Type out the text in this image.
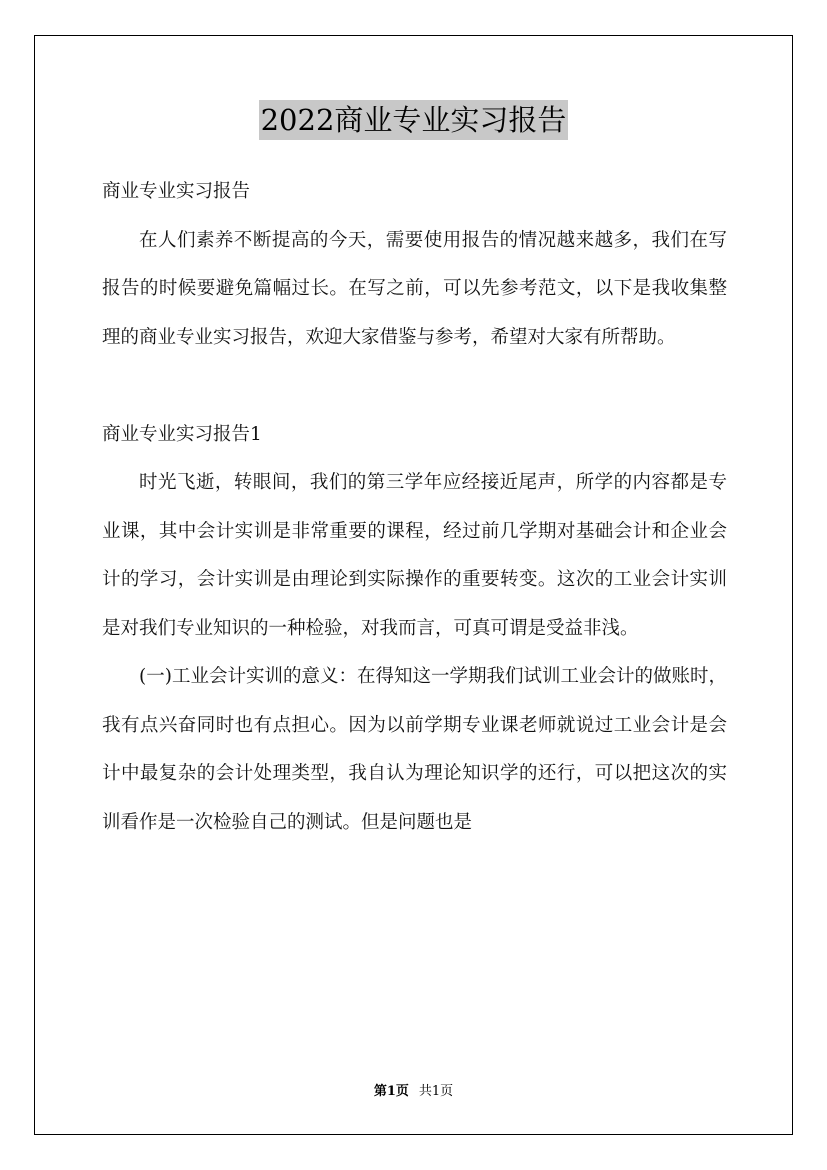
2022商业专业实习报告

商业专业实习报告

在人们素养不断提高的今天，需要使用报告的情况越来越多，我们在写报告的时候要避免篇幅过长。在写之前，可以先参考范文，以下是我收集整理的商业专业实习报告，欢迎大家借鉴与参考，希望对大家有所帮助。

商业专业实习报告1

时光飞逝，转眼间，我们的第三学年应经接近尾声，所学的内容都是专业课，其中会计实训是非常重要的课程，经过前几学期对基础会计和企业会计的学习，会计实训是由理论到实际操作的重要转变。这次的工业会计实训是对我们专业知识的一种检验，对我而言，可真可谓是受益非浅。

(一)工业会计实训的意义：在得知这一学期我们试训工业会计的做账时，我有点兴奋同时也有点担心。因为以前学期专业课老师就说过工业会计是会计中最复杂的会计处理类型，我自认为理论知识学的还行，可以把这次的实训看作是一次检验自己的测试。但是问题也是

第1页 共1页
